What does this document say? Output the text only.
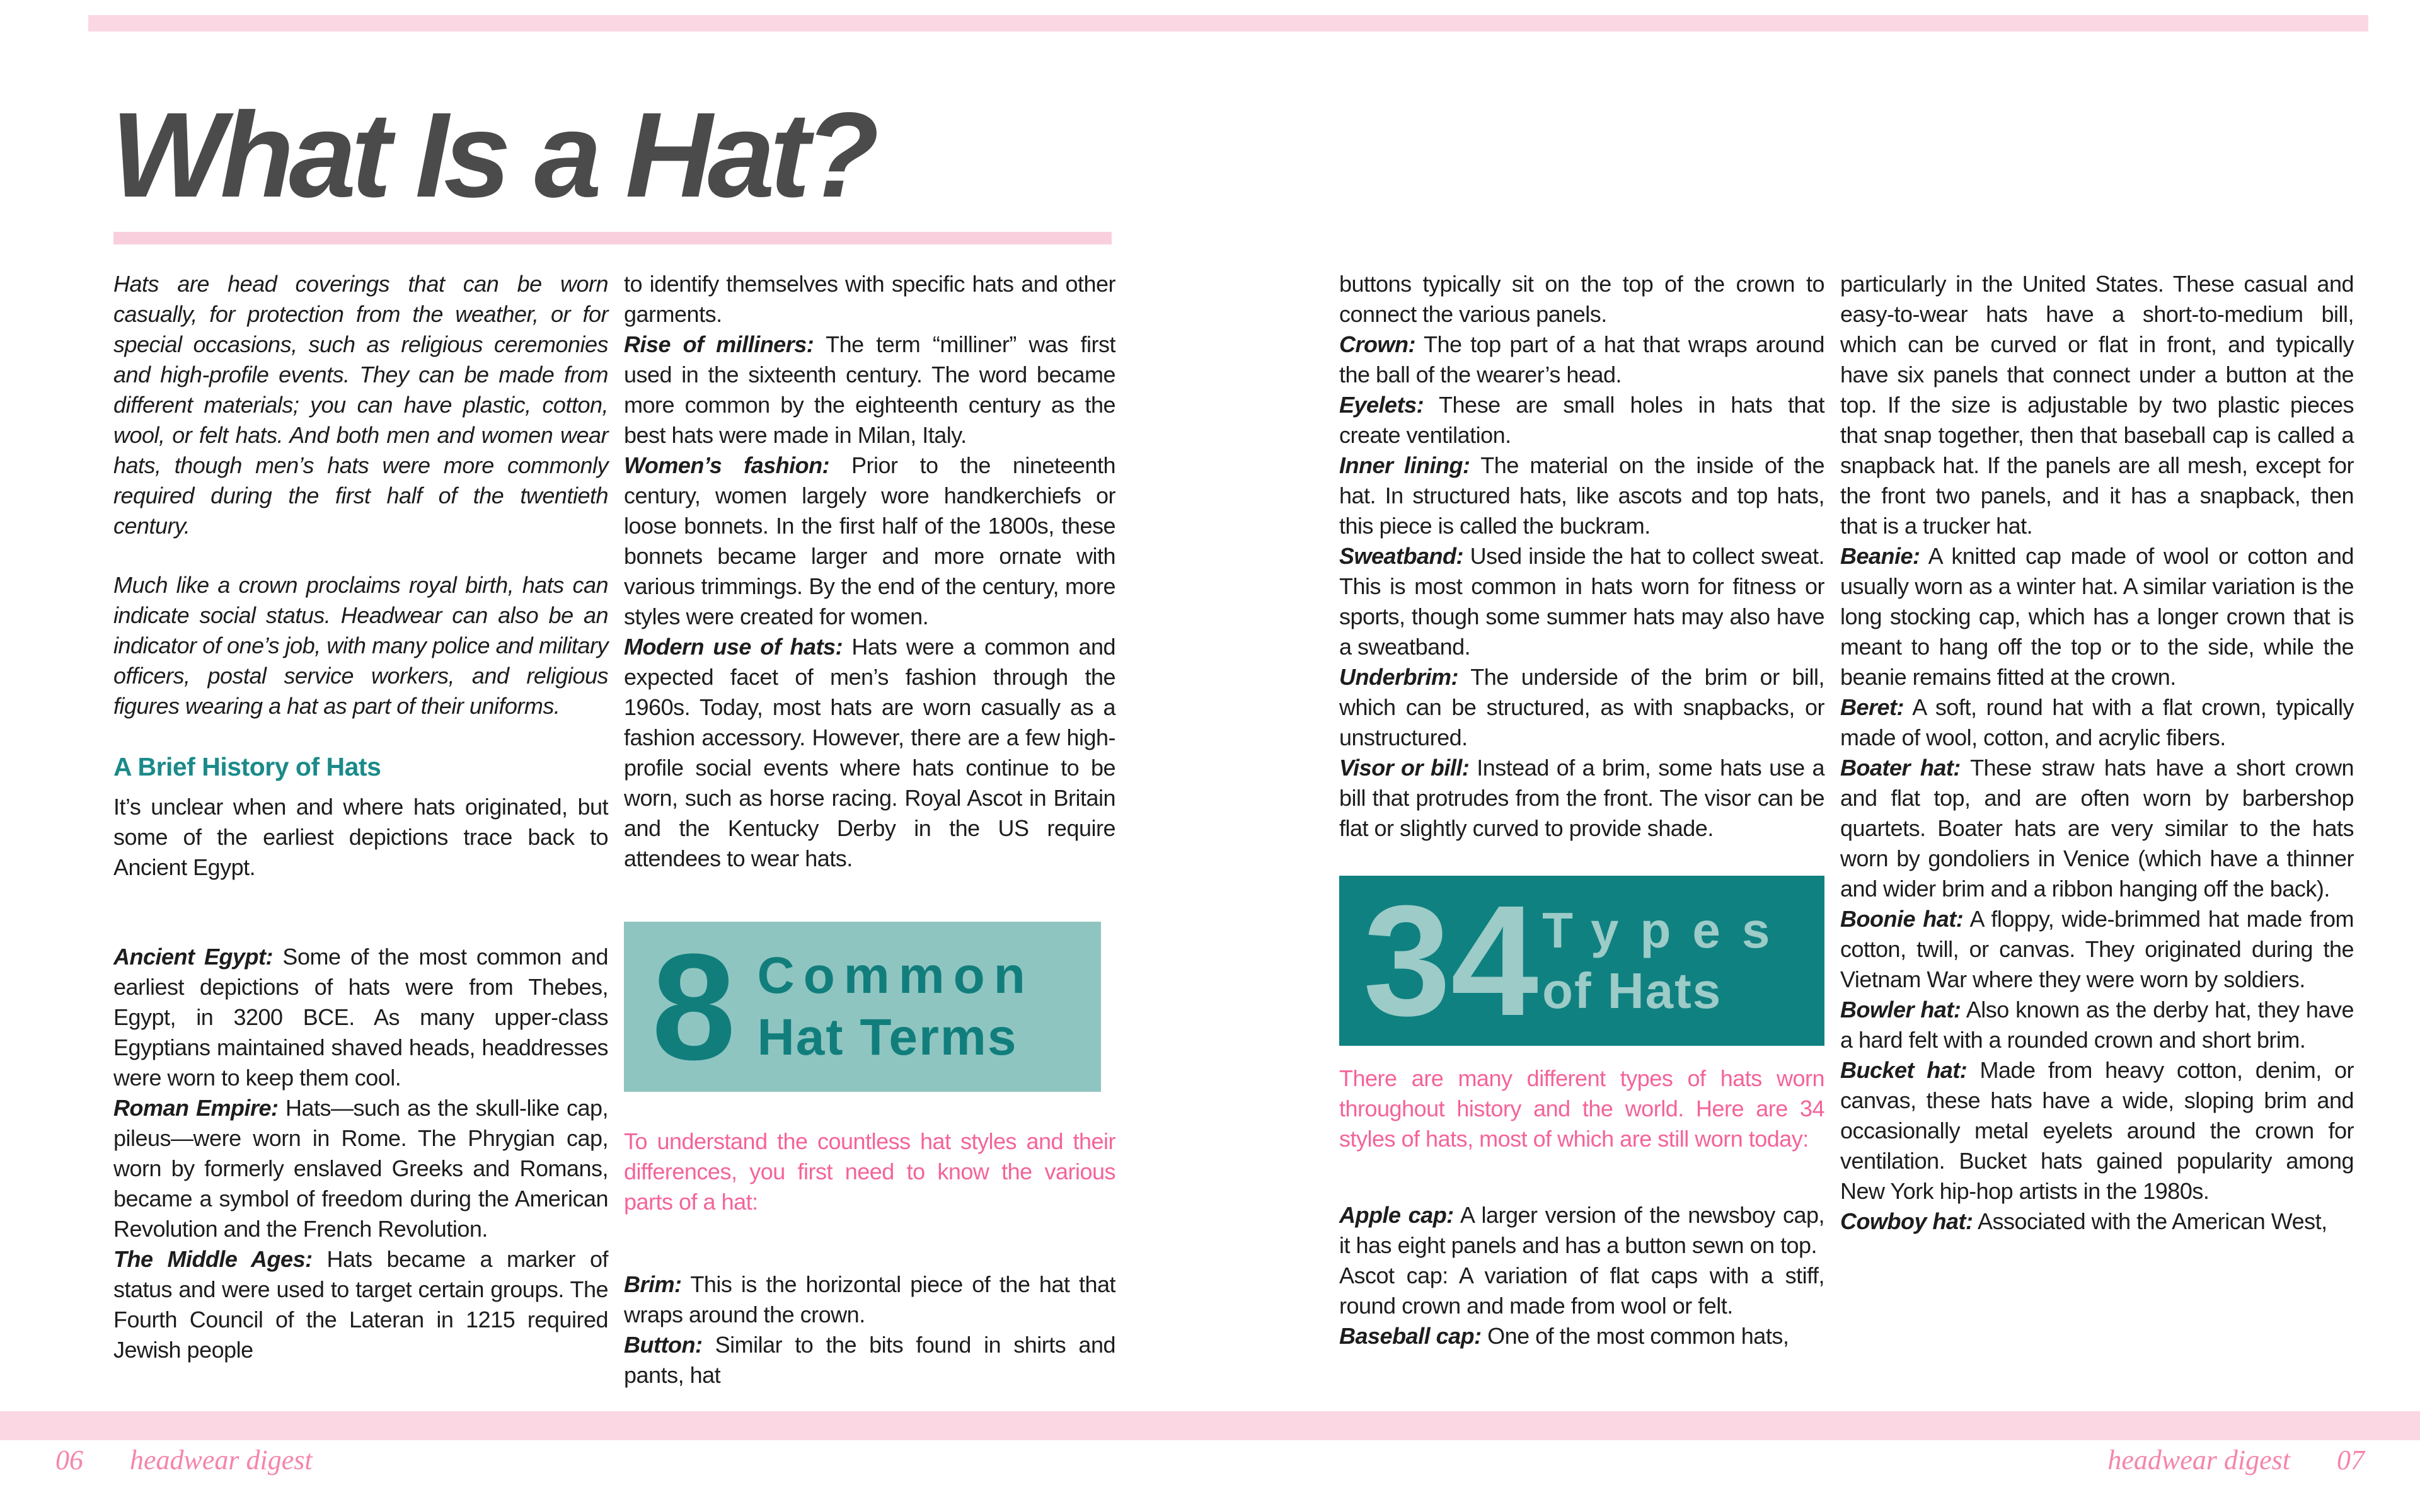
What Is a Hat?

Hats are head coverings that can be worn casually, for protection from the weather, or for special occasions, such as religious ceremonies and high-profile events. They can be made from different materials; you can have plastic, cotton, wool, or felt hats. And both men and women wear hats, though men’s hats were more commonly required during the first half of the twentieth century.

Much like a crown proclaims royal birth, hats can indicate social status. Headwear can also be an indicator of one’s job, with many police and military officers, postal service workers, and religious figures wearing a hat as part of their uniforms.

A Brief History of Hats

It’s unclear when and where hats originated, but some of the earliest depictions trace back to Ancient Egypt.

Ancient Egypt: Some of the most common and earliest depictions of hats were from Thebes, Egypt, in 3200 BCE. As many upper-class Egyptians maintained shaved heads, headdresses were worn to keep them cool.

Roman Empire: Hats—such as the skull-like cap, pileus—were worn in Rome. The Phrygian cap, worn by formerly enslaved Greeks and Romans, became a symbol of freedom during the American Revolution and the French Revolution.

The Middle Ages: Hats became a marker of status and were used to target certain groups. The Fourth Council of the Lateran in 1215 required Jewish people

to identify themselves with specific hats and other garments.

Rise of milliners: The term “milliner” was first used in the sixteenth century. The word became more common by the eighteenth century as the best hats were made in Milan, Italy.

Women’s fashion: Prior to the nineteenth century, women largely wore handkerchiefs or loose bonnets. In the first half of the 1800s, these bonnets became larger and more ornate with various trimmings. By the end of the century, more styles were created for women.

Modern use of hats: Hats were a common and expected facet of men’s fashion through the 1960s. Today, most hats are worn casually as a fashion accessory. However, there are a few high-profile social events where hats continue to be worn, such as horse racing. Royal Ascot in Britain and the Kentucky Derby in the US require attendees to wear hats.

8 Common
Hat Terms
To understand the countless hat styles and their differences, you first need to know the various parts of a hat:

Brim: This is the horizontal piece of the hat that wraps around the crown.

Button: Similar to the bits found in shirts and pants, hat

buttons typically sit on the top of the crown to connect the various panels.

Crown: The top part of a hat that wraps around the ball of the wearer’s head.

Eyelets: These are small holes in hats that create ventilation.

Inner lining: The material on the inside of the hat. In structured hats, like ascots and top hats, this piece is called the buckram.

Sweatband: Used inside the hat to collect sweat. This is most common in hats worn for fitness or sports, though some summer hats may also have a sweatband.

Underbrim: The underside of the brim or bill, which can be structured, as with snapbacks, or unstructured.

Visor or bill: Instead of a brim, some hats use a bill that protrudes from the front. The visor can be flat or slightly curved to provide shade.

34 Types
of Hats
There are many different types of hats worn throughout history and the world. Here are 34 styles of hats, most of which are still worn today:

Apple cap: A larger version of the newsboy cap, it has eight panels and has a button sewn on top.

Ascot cap: A variation of flat caps with a stiff, round crown and made from wool or felt.

Baseball cap: One of the most common hats,

particularly in the United States. These casual and easy-to-wear hats have a short-to-medium bill, which can be curved or flat in front, and typically have six panels that connect under a button at the top. If the size is adjustable by two plastic pieces that snap together, then that baseball cap is called a snapback hat. If the panels are all mesh, except for the front two panels, and it has a snapback, then that is a trucker hat.

Beanie: A knitted cap made of wool or cotton and usually worn as a winter hat. A similar variation is the long stocking cap, which has a longer crown that is meant to hang off the top or to the side, while the beanie remains fitted at the crown.

Beret: A soft, round hat with a flat crown, typically made of wool, cotton, and acrylic fibers.

Boater hat: These straw hats have a short crown and flat top, and are often worn by barbershop quartets. Boater hats are very similar to the hats worn by gondoliers in Venice (which have a thinner and wider brim and a ribbon hanging off the back).

Boonie hat: A floppy, wide-brimmed hat made from cotton, twill, or canvas. They originated during the Vietnam War where they were worn by soldiers.

Bowler hat: Also known as the derby hat, they have a hard felt with a rounded crown and short brim.

Bucket hat: Made from heavy cotton, denim, or canvas, these hats have a wide, sloping brim and occasionally metal eyelets around the crown for ventilation. Bucket hats gained popularity among New York hip-hop artists in the 1980s.

Cowboy hat: Associated with the American West,

06 headwear digest	headwear digest 07
